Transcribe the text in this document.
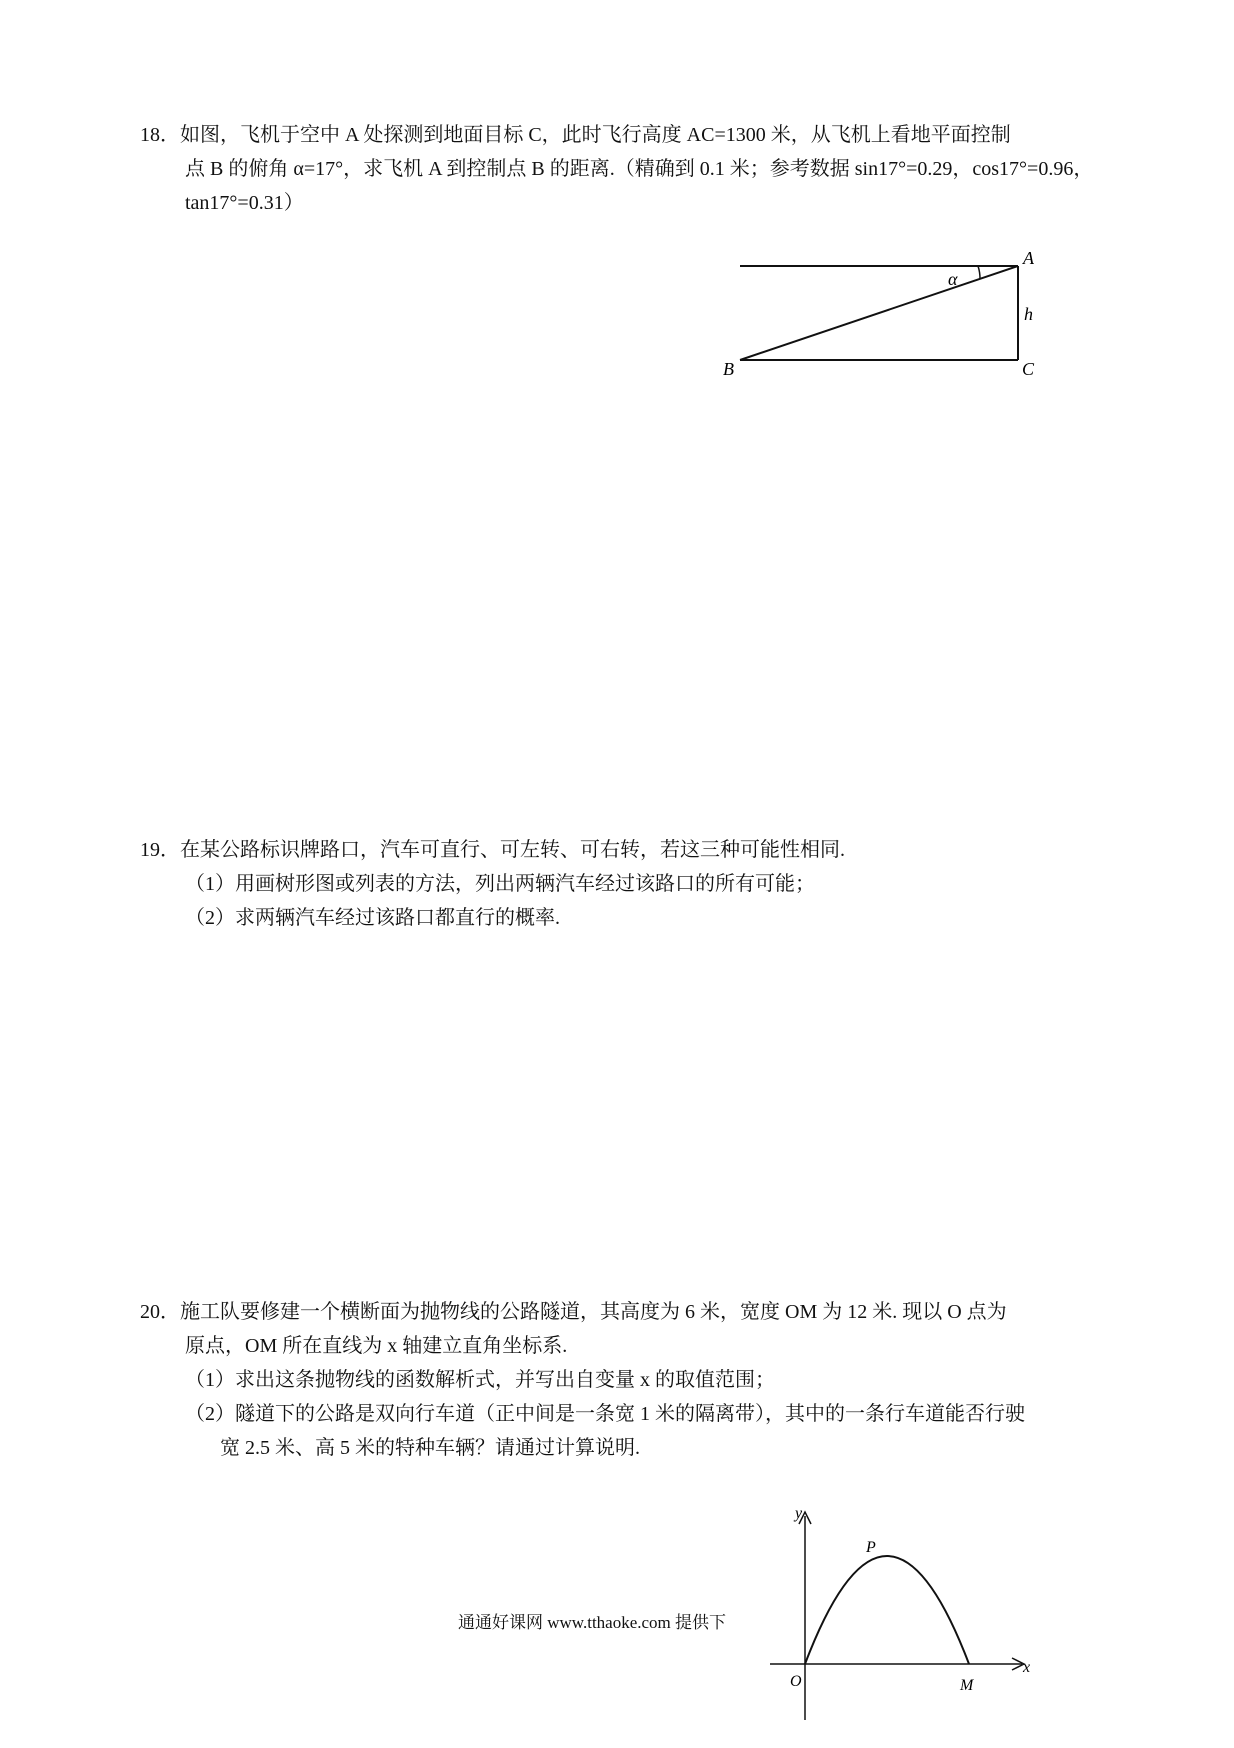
18．如图，飞机于空中 A 处探测到地面目标 C，此时飞行高度 AC=1300 米，从飞机上看地平面控制
点 B 的俯角 α=17°，求飞机 A 到控制点 B 的距离.（精确到 0.1 米；参考数据 sin17°=0.29，cos17°=0.96，
tan17°=0.31）
A
B	C
h
α
19．在某公路标识牌路口，汽车可直行、可左转、可右转，若这三种可能性相同.
（1）用画树形图或列表的方法，列出两辆汽车经过该路口的所有可能；
（2）求两辆汽车经过该路口都直行的概率.
20．施工队要修建一个横断面为抛物线的公路隧道，其高度为 6 米，宽度 OM 为 12 米. 现以 O 点为
原点，OM 所在直线为 x 轴建立直角坐标系.
（1）求出这条抛物线的函数解析式，并写出自变量 x 的取值范围；
（2）隧道下的公路是双向行车道（正中间是一条宽 1 米的隔离带），其中的一条行车道能否行驶
宽 2.5 米、高 5 米的特种车辆？请通过计算说明.
y
x
P
O	M
通通好课网 www.tthaoke.com 提供下
